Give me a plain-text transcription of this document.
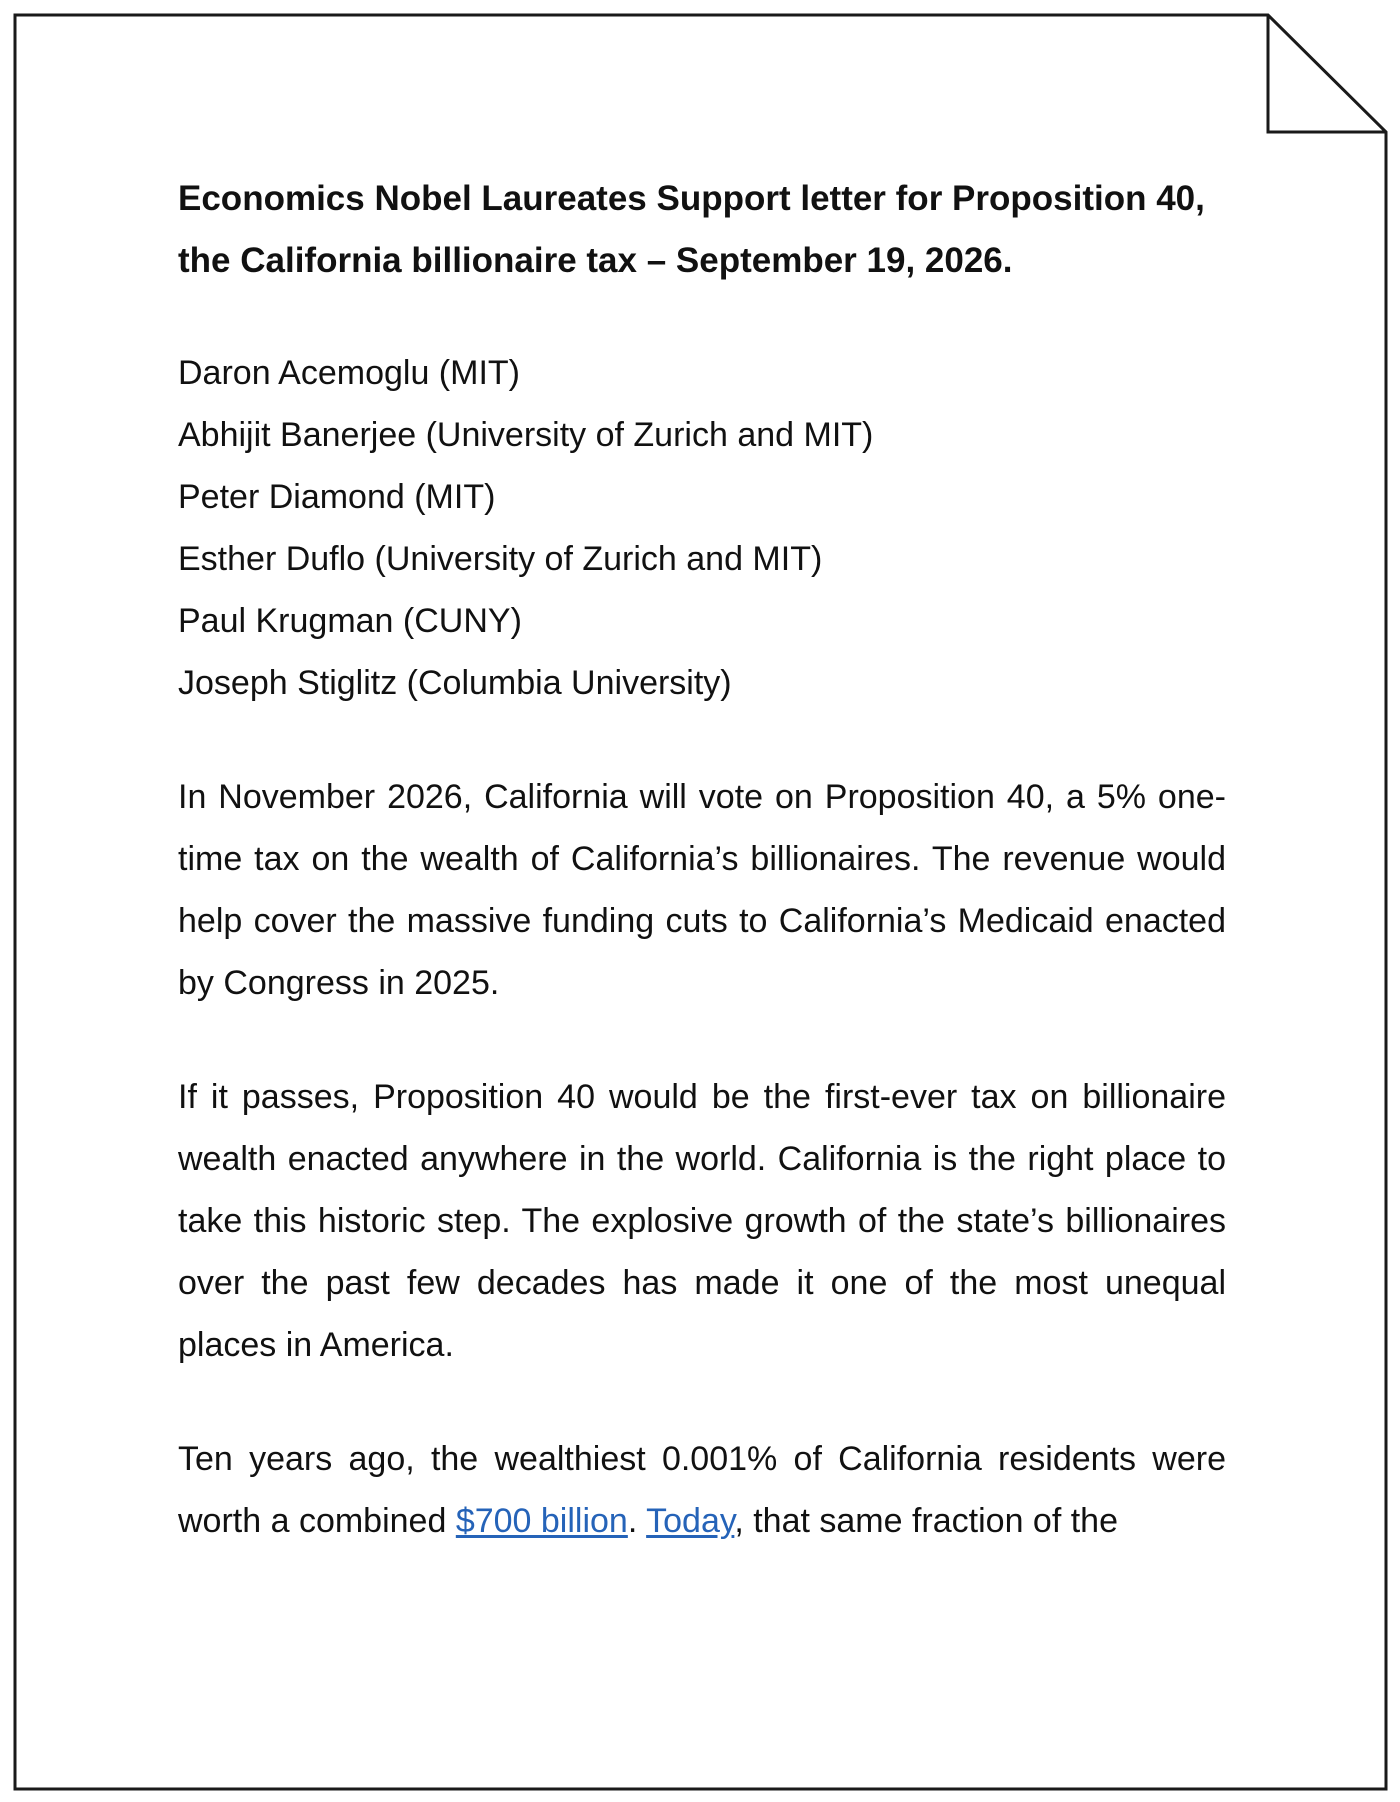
Economics Nobel Laureates Support letter for Proposition 40, the California billionaire tax – September 19, 2026.
Daron Acemoglu (MIT)
Abhijit Banerjee (University of Zurich and MIT)
Peter Diamond (MIT)
Esther Duflo (University of Zurich and MIT)
Paul Krugman (CUNY)
Joseph Stiglitz (Columbia University)

In November 2026, California will vote on Proposition 40, a 5% one-time tax on the wealth of California’s billionaires. The revenue would help cover the massive funding cuts to California’s Medicaid enacted by Congress in 2025.

If it passes, Proposition 40 would be the first-ever tax on billionaire wealth enacted anywhere in the world. California is the right place to take this historic step. The explosive growth of the state’s billionaires over the past few decades has made it one of the most unequal places in America.

Ten years ago, the wealthiest 0.001% of California residents were worth a combined $700 billion. Today, that same fraction of the
